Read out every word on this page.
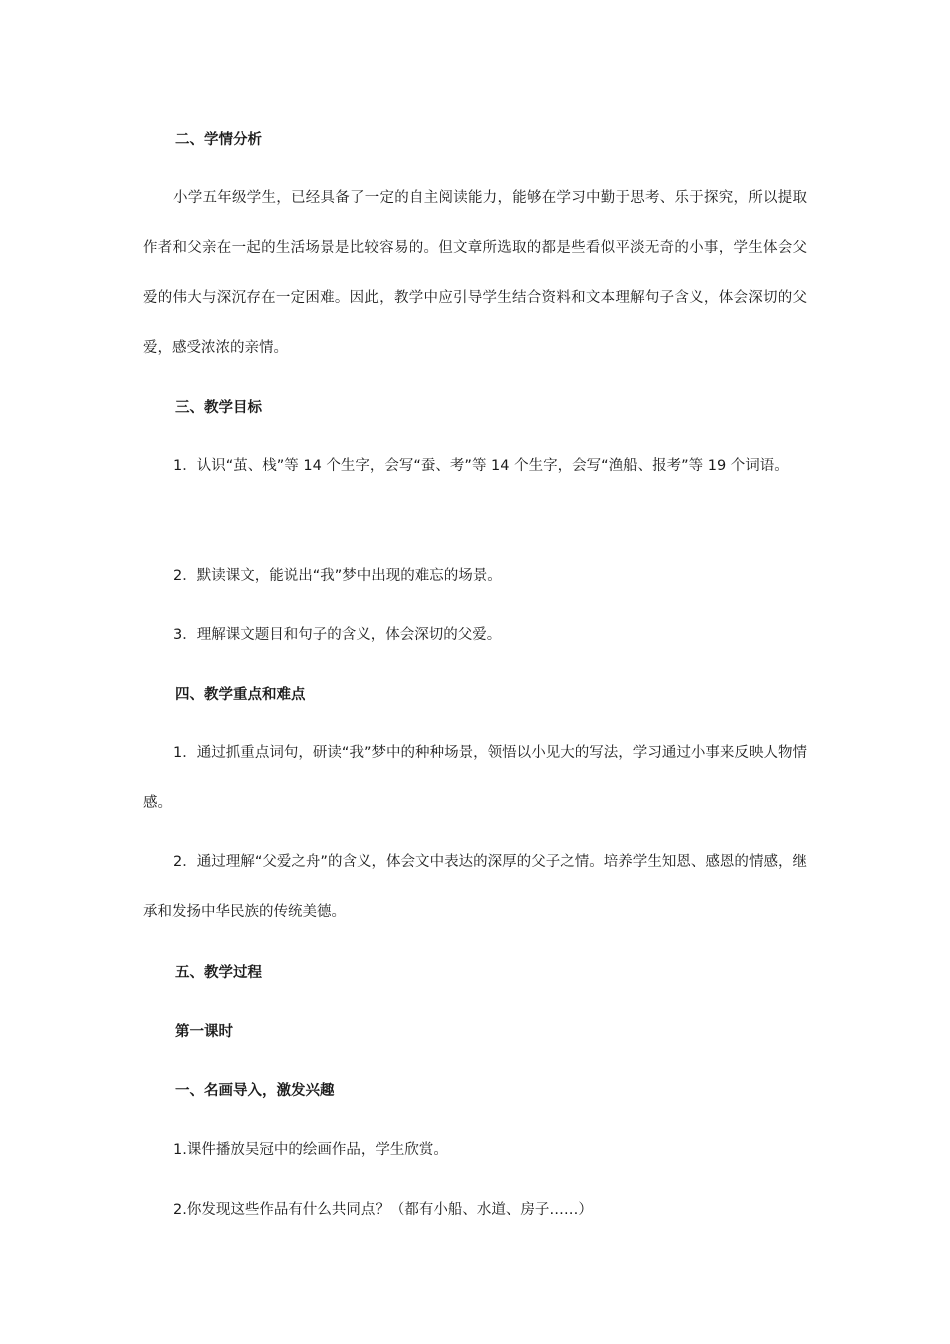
二、学情分析

小学五年级学生，已经具备了一定的自主阅读能力，能够在学习中勤于思考、乐于探究，所以提取作者和父亲在一起的生活场景是比较容易的。但文章所选取的都是些看似平淡无奇的小事，学生体会父爱的伟大与深沉存在一定困难。因此，教学中应引导学生结合资料和文本理解句子含义，体会深切的父爱，感受浓浓的亲情。

三、教学目标

1．认识“茧、栈”等 14 个生字，会写“蚕、考”等 14 个生字，会写“渔船、报考”等 19 个词语。

2．默读课文，能说出“我”梦中出现的难忘的场景。

3．理解课文题目和句子的含义，体会深切的父爱。

四、教学重点和难点

1．通过抓重点词句，研读“我”梦中的种种场景，领悟以小见大的写法，学习通过小事来反映人物情感。

2．通过理解“父爱之舟”的含义，体会文中表达的深厚的父子之情。培养学生知恩、感恩的情感，继承和发扬中华民族的传统美德。

五、教学过程

第一课时

一、名画导入，激发兴趣

1.课件播放吴冠中的绘画作品，学生欣赏。

2.你发现这些作品有什么共同点？（都有小船、水道、房子……）
